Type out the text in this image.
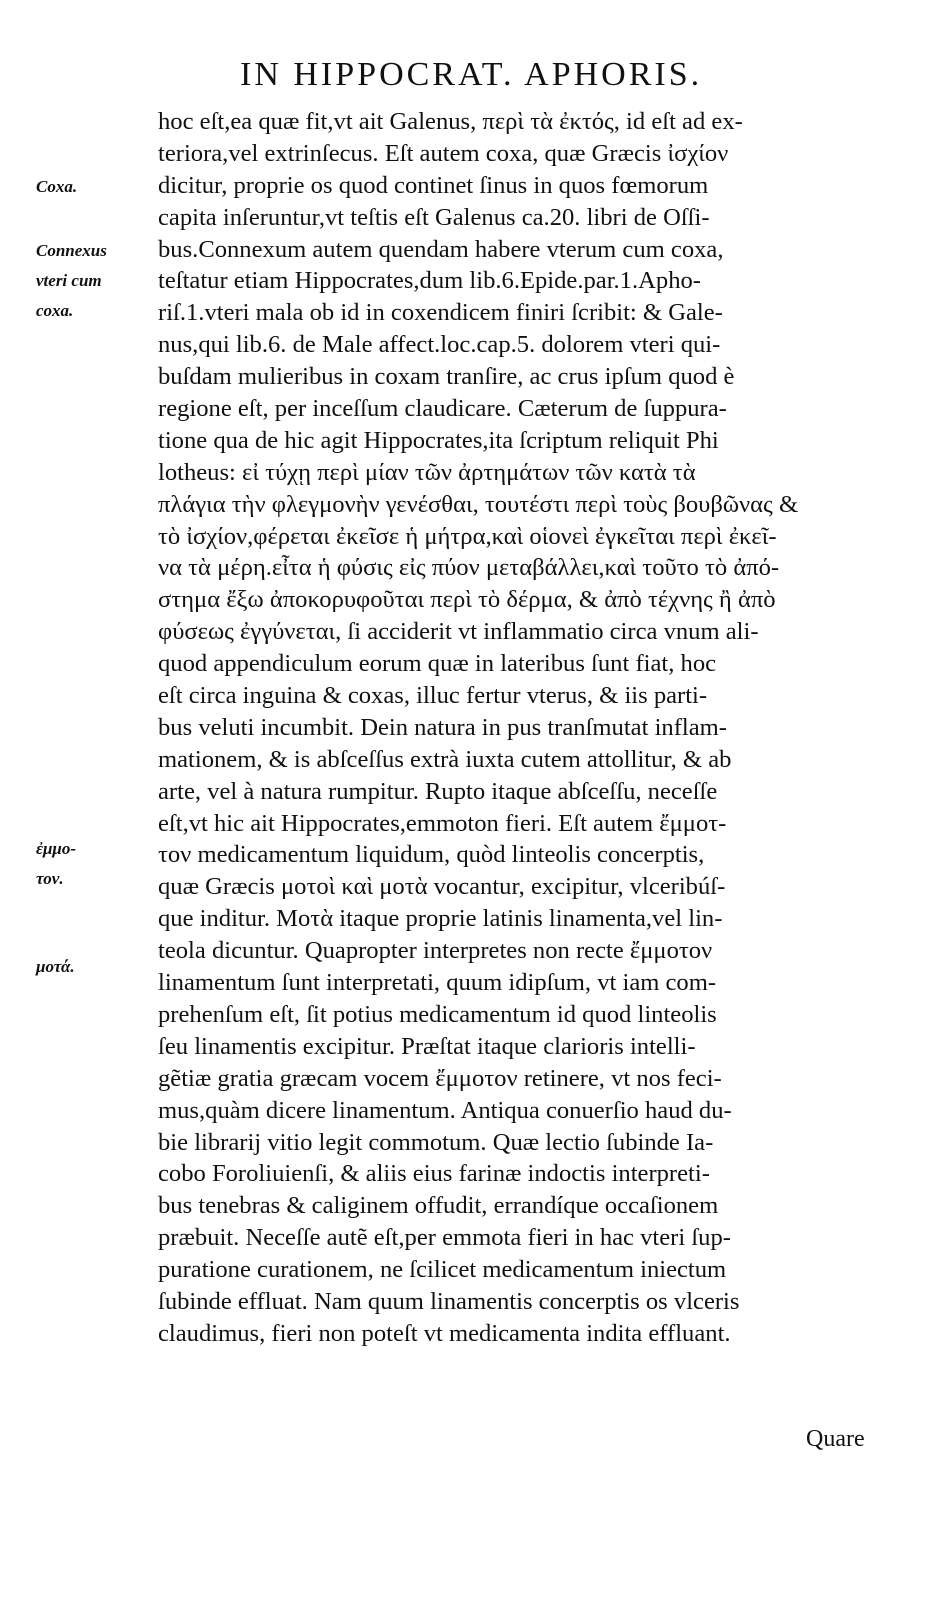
IN HIPPOCRAT. APHORIS.
Coxa.
Connexus
vteri cum
coxa.
ἐμμο-
τον.
μοτά.
hoc eſt,ea quæ fit,vt ait Galenus, περὶ τὰ ἐκτός, id eſt ad ex-
teriora,vel extrinſecus. Eſt autem coxa, quæ Græcis ἰσχίον
dicitur, proprie os quod continet ſinus in quos fœmorum
capita inſeruntur,vt teſtis eſt Galenus ca.20. libri de Oſſi-
bus.Connexum autem quendam habere vterum cum coxa,
teſtatur etiam Hippocrates,dum lib.6.Epide.par.1.Apho-
riſ.1.vteri mala ob id in coxendicem finiri ſcribit: & Gale-
nus,qui lib.6. de Male affect.loc.cap.5. dolorem vteri qui-
buſdam mulieribus in coxam tranſire, ac crus ipſum quod è
regione eſt, per inceſſum claudicare. Cæterum de ſuppura-
tione qua de hic agit Hippocrates,ita ſcriptum reliquit Phi
lotheus: εἰ τύχῃ περὶ μίαν τῶν ἀρτημάτων τῶν κατὰ τὰ
πλάγια τὴν φλεγμονὴν γενέσθαι, τουτέστι περὶ τοὺς βουβῶνας &
τὸ ἰσχίον,φέρεται ἐκεῖσε ἡ μήτρα,καὶ οἱονεὶ ἐγκεῖται περὶ ἐκεῖ-
να τὰ μέρη.εἶτα ἡ φύσις εἰς πύον μεταβάλλει,καὶ τοῦτο τὸ ἀπό-
στημα ἔξω ἀποκορυφοῦται περὶ τὸ δέρμα, & ἀπὸ τέχνης ἢ ἀπὸ
φύσεως ἐγγύνεται, ſi acciderit vt inflammatio circa vnum ali-
quod appendiculum eorum quæ in lateribus ſunt fiat, hoc
eſt circa inguina & coxas, illuc fertur vterus, & iis parti-
bus veluti incumbit. Dein natura in pus tranſmutat inflam-
mationem, & is abſceſſus extrà iuxta cutem attollitur, & ab
arte, vel à natura rumpitur. Rupto itaque abſceſſu, neceſſe
eſt,vt hic ait Hippocrates,emmoton fieri. Eſt autem ἔμμοτ-
τον medicamentum liquidum, quòd linteolis concerptis,
quæ Græcis μοτοὶ καὶ μοτὰ vocantur, excipitur, vlceribúſ-
que inditur. Μοτὰ itaque proprie latinis linamenta,vel lin-
teola dicuntur. Quapropter interpretes non recte ἔμμοτον
linamentum ſunt interpretati, quum idipſum, vt iam com-
prehenſum eſt, ſit potius medicamentum id quod linteolis
ſeu linamentis excipitur. Præſtat itaque clarioris intelli-
gẽtiæ gratia græcam vocem ἔμμοτον retinere, vt nos feci-
mus,quàm dicere linamentum. Antiqua conuerſio haud du-
bie librarij vitio legit commotum. Quæ lectio ſubinde Ia-
cobo Foroliuienſi, & aliis eius farinæ indoctis interpreti-
bus tenebras & caliginem offudit, errandíque occaſionem
præbuit. Neceſſe autẽ eſt,per emmota fieri in hac vteri ſup-
puratione curationem, ne ſcilicet medicamentum iniectum
ſubinde effluat. Nam quum linamentis concerptis os vlceris
claudimus, fieri non poteſt vt medicamenta indita effluant.
Quare
